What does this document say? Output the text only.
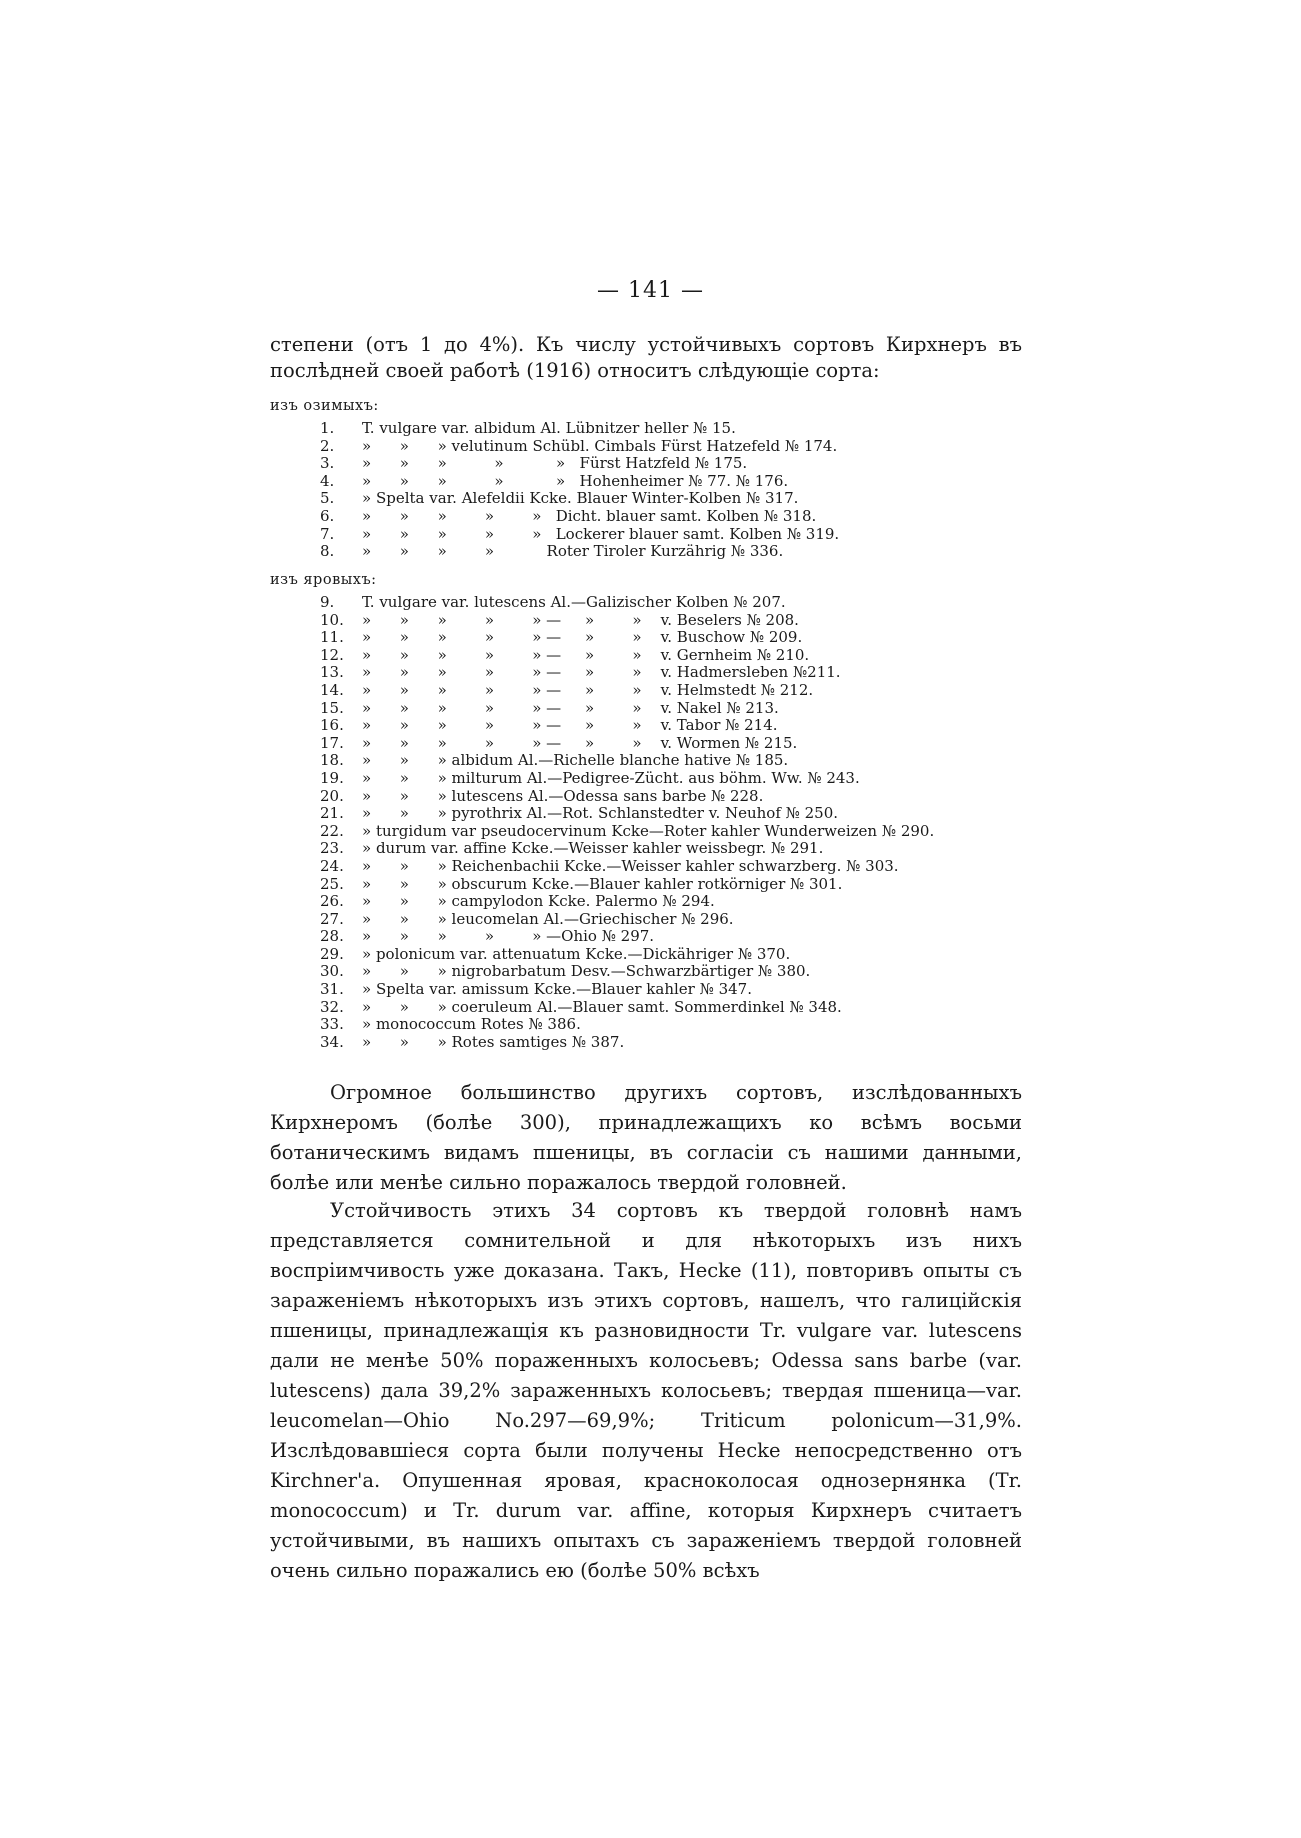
— 141 —
степени (отъ 1 до 4%). Къ числу устойчивыхъ сортовъ Кирхнеръ въ послѣдней своей работѣ (1916) относитъ слѣдующіе сорта:
изъ озимыхъ:
1.	T. vulgare var. albidum Al. Lübnitzer heller № 15.
2.	»      »      » velutinum Schübl. Cimbals Fürst Hatzefeld № 174.
3.	»      »      »          »           »   Fürst Hatzfeld № 175.
4.	»      »      »          »           »   Hohenheimer № 77. № 176.
5.	» Spelta var. Alefeldii Kcke. Blauer Winter-Kolben № 317.
6.	»      »      »        »        »   Dicht. blauer samt. Kolben № 318.
7.	»      »      »        »        »   Lockerer blauer samt. Kolben № 319.
8.	»      »      »        »           Roter Tiroler Kurzährig № 336.
изъ яровыхъ:
9.	T. vulgare var. lutescens Al.—Galizischer Kolben № 207.
10.	»      »      »        »        » —     »        »    v. Beselers № 208.
11.	»      »      »        »        » —     »        »    v. Buschow № 209.
12.	»      »      »        »        » —     »        »    v. Gernheim № 210.
13.	»      »      »        »        » —     »        »    v. Hadmersleben №211.
14.	»      »      »        »        » —     »        »    v. Helmstedt № 212.
15.	»      »      »        »        » —     »        »    v. Nakel № 213.
16.	»      »      »        »        » —     »        »    v. Tabor № 214.
17.	»      »      »        »        » —     »        »    v. Wormen № 215.
18.	»      »      » albidum Al.—Richelle blanche hative № 185.
19.	»      »      » milturum Al.—Pedigree-Zücht. aus böhm. Ww. № 243.
20.	»      »      » lutescens Al.—Odessa sans barbe № 228.
21.	»      »      » pyrothrix Al.—Rot. Schlanstedter v. Neuhof № 250.
22.	» turgidum var pseudocervinum Kcke—Roter kahler Wunderweizen № 290.
23.	» durum var. affine Kcke.—Weisser kahler weissbegr. № 291.
24.	»      »      » Reichenbachii Kcke.—Weisser kahler schwarzberg. № 303.
25.	»      »      » obscurum Kcke.—Blauer kahler rotkörniger № 301.
26.	»      »      » campylodon Kcke. Palermo № 294.
27.	»      »      » leucomelan Al.—Griechischer № 296.
28.	»      »      »        »        » —Ohio № 297.
29.	» polonicum var. attenuatum Kcke.—Dickähriger № 370.
30.	»      »      » nigrobarbatum Desv.—Schwarzbärtiger № 380.
31.	» Spelta var. amissum Kcke.—Blauer kahler № 347.
32.	»      »      » coeruleum Al.—Blauer samt. Sommerdinkel № 348.
33.	» monococcum Rotes № 386.
34.	»      »      » Rotes samtiges № 387.

Огромное большинство другихъ сортовъ, изслѣдованныхъ Кирхнеромъ (болѣе 300), принадлежащихъ ко всѣмъ восьми ботаническимъ видамъ пшеницы, въ согласіи съ нашими данными, болѣе или менѣе сильно поражалось твердой головней.

Устойчивость этихъ 34 сортовъ къ твердой головнѣ намъ представляется сомнительной и для нѣкоторыхъ изъ нихъ воспріимчивость уже доказана. Такъ, Hecke (11), повторивъ опыты съ зараженіемъ нѣкоторыхъ изъ этихъ сортовъ, нашелъ, что галиційскія пшеницы, принадлежащія къ разновидности Tr. vulgare var. lutescens дали не менѣе 50% пораженныхъ колосьевъ; Odessa sans barbe (var. lutescens) дала 39,2% зараженныхъ колосьевъ; твердая пшеница—var. leucomelan—Ohio No.297—69,9%; Triticum polonicum—31,9%. Изслѣдовавшіеся сорта были получены Hecke непосредственно отъ Kirchner'а. Опушенная яровая, красноколосая однозернянка (Tr. monococcum) и Tr. durum var. affine, которыя Кирхнеръ считаетъ устойчивыми, въ нашихъ опытахъ съ зараженіемъ твердой головней очень сильно поражались ею (болѣе 50% всѣхъ
